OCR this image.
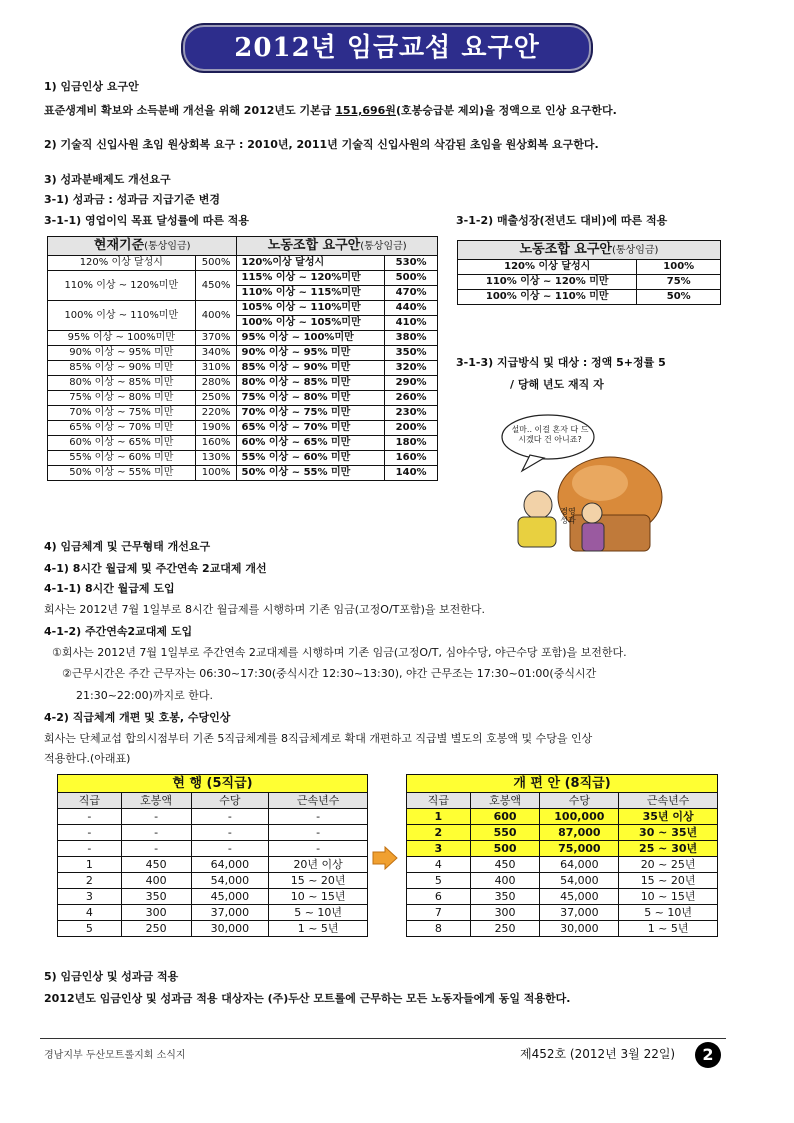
2012년 임금교섭 요구안
1) 임금인상 요구안
표준생계비 확보와 소득분배 개선을 위해 2012년도 기본급 151,696원(호봉승급분 제외)을 정액으로 인상 요구한다.
2) 기술직 신입사원 초임 원상회복 요구 : 2010년, 2011년 기술직 신입사원의 삭감된 초임을 원상회복 요구한다.
3) 성과분배제도 개선요구
3-1) 성과금 : 성과금 지급기준 변경
3-1-1) 영업이익 목표 달성률에 따른 적용	3-1-2) 매출성장(전년도 대비)에 따른 적용
현재기준(통상임금)		노동조합 요구안(통상임금)	
120% 이상 달성시	500%	120%이상 달성시	530%
110% 이상 ~ 120%미만	450%	115% 이상 ~ 120%미만	500%
		110% 이상 ~ 115%미만	470%
100% 이상 ~ 110%미만	400%	105% 이상 ~ 110%미만	440%
		100% 이상 ~ 105%미만	410%
95% 이상 ~ 100%미만	370%	95% 이상 ~ 100%미만	380%
90% 이상 ~ 95% 미만	340%	90% 이상 ~ 95% 미만	350%
85% 이상 ~ 90% 미만	310%	85% 이상 ~ 90% 미만	320%
80% 이상 ~ 85% 미만	280%	80% 이상 ~ 85% 미만	290%
75% 이상 ~ 80% 미만	250%	75% 이상 ~ 80% 미만	260%
70% 이상 ~ 75% 미만	220%	70% 이상 ~ 75% 미만	230%
65% 이상 ~ 70% 미만	190%	65% 이상 ~ 70% 미만	200%
60% 이상 ~ 65% 미만	160%	60% 이상 ~ 65% 미만	180%
55% 이상 ~ 60% 미만	130%	55% 이상 ~ 60% 미만	160%
50% 이상 ~ 55% 미만	100%	50% 이상 ~ 55% 미만	140%
노동조합 요구안(통상임금)	
120% 이상 달성시	100%
110% 이상 ~ 120% 미만	75%
100% 이상 ~ 110% 미만	50%
3-1-3) 지급방식 및 대상 : 정액 5+정률 5
/ 당해 년도 재직 자
설마.. 이걸 혼자 다 드시겠다 건 아니죠?
경영 성과
4) 임금체계 및 근무형태 개선요구
4-1) 8시간 월급제 및 주간연속 2교대제 개선
4-1-1) 8시간 월급제 도입
회사는 2012년 7월 1일부로 8시간 월급제를 시행하며 기존 임금(고정O/T포함)을 보전한다.
4-1-2) 주간연속2교대제 도입
①회사는 2012년 7월 1일부로 주간연속 2교대제를 시행하며 기존 임금(고정O/T, 심야수당, 야근수당 포함)을 보전한다.
②근무시간은 주간 근무자는 06:30~17:30(중식시간 12:30~13:30), 야간 근무조는 17:30~01:00(중식시간
21:30~22:00)까지로 한다.
4-2) 직급체계 개편 및 호봉, 수당인상
회사는 단체교섭 합의시점부터 기존 5직급체계를 8직급체계로 확대 개편하고 직급별 별도의 호봉액 및 수당을 인상
적용한다.(아래표)
현 행 (5직급)			
직급	호봉액	수당	근속년수
-	-	-	-
-	-	-	-
-	-	-	-
1	450	64,000	20년 이상
2	400	54,000	15 ~ 20년
3	350	45,000	10 ~ 15년
4	300	37,000	5 ~ 10년
5	250	30,000	1 ~ 5년
개 편 안 (8직급)			
직급	호봉액	수당	근속년수
1	600	100,000	35년 이상
2	550	87,000	30 ~ 35년
3	500	75,000	25 ~ 30년
4	450	64,000	20 ~ 25년
5	400	54,000	15 ~ 20년
6	350	45,000	10 ~ 15년
7	300	37,000	5 ~ 10년
8	250	30,000	1 ~ 5년
5) 임금인상 및 성과금 적용
2012년도 임금인상 및 성과금 적용 대상자는 (주)두산 모트롤에 근무하는 모든 노동자들에게 동일 적용한다.
경남지부 두산모트롤지회 소식지	제452호 (2012년 3월 22일)	2
